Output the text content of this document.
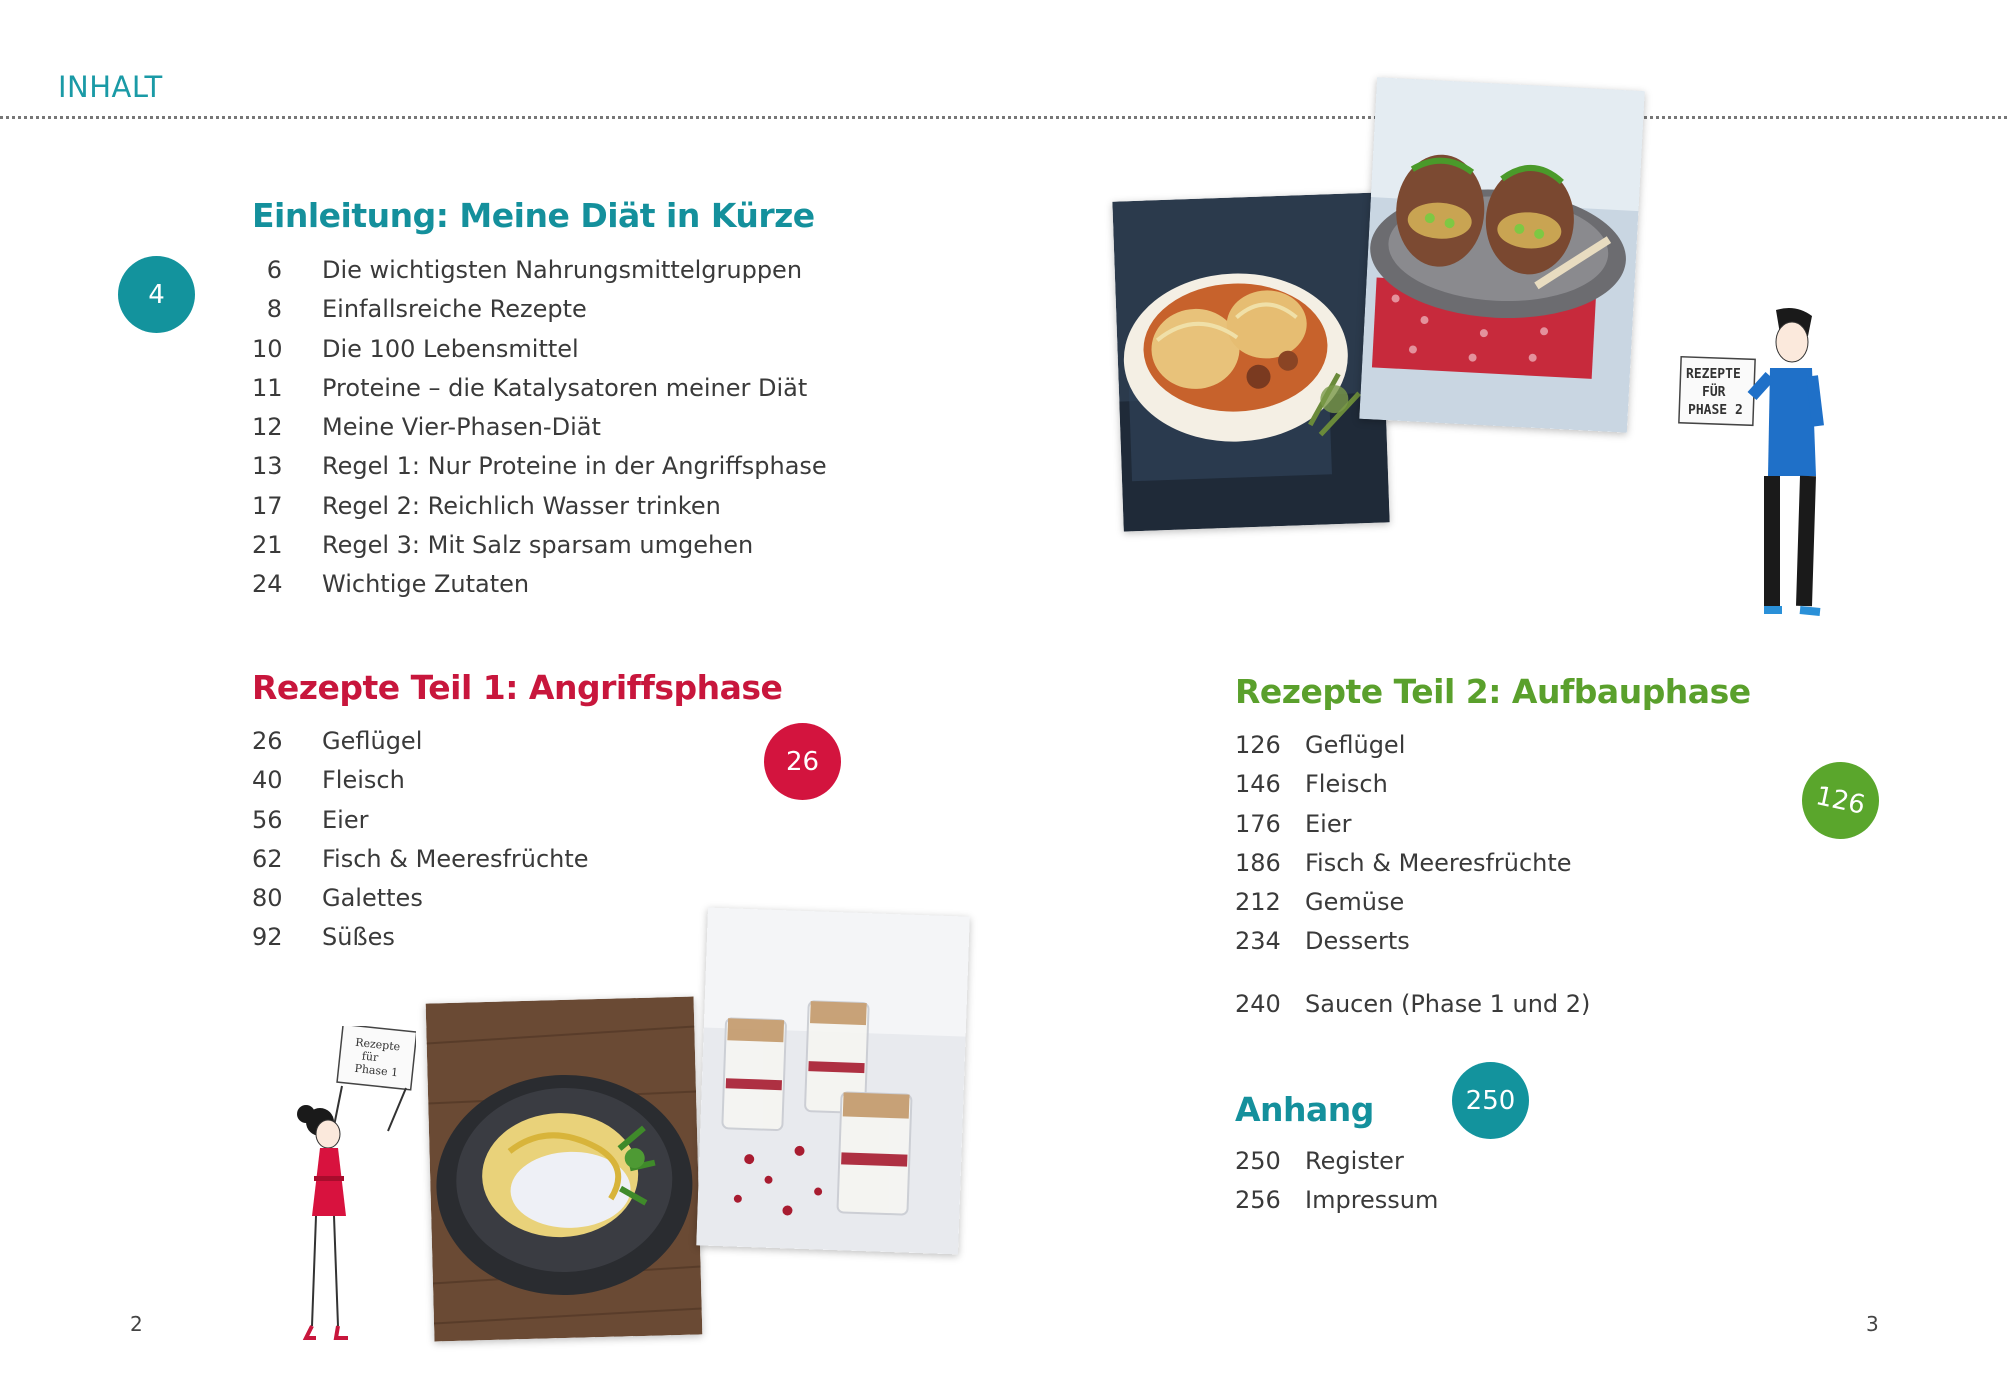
INHALT
Einleitung: Meine Diät in Kürze
4
6 Die wichtigsten Nahrungsmittelgruppen
8 Einfallsreiche Rezepte
10 Die 100 Lebensmittel
11 Proteine – die Katalysatoren meiner Diät
12 Meine Vier-Phasen-Diät
13 Regel 1: Nur Proteine in der Angriffsphase
17 Regel 2: Reichlich Wasser trinken
21 Regel 3: Mit Salz sparsam umgehen
24 Wichtige Zutaten
Rezepte Teil 1: Angriffsphase
26
26 Geflügel
40 Fleisch
56 Eier
62 Fisch & Meeresfrüchte
80 Galettes
92 Süßes
Rezepte Teil 2: Aufbauphase
126
126 Geflügel
146 Fleisch
176 Eier
186 Fisch & Meeresfrüchte
212 Gemüse
234 Desserts
240 Saucen (Phase 1 und 2)
Anhang	250
250 Register
256 Impressum
RezeptefürPhase 1
REZEPTE FÜR PHASE 2
2	3
